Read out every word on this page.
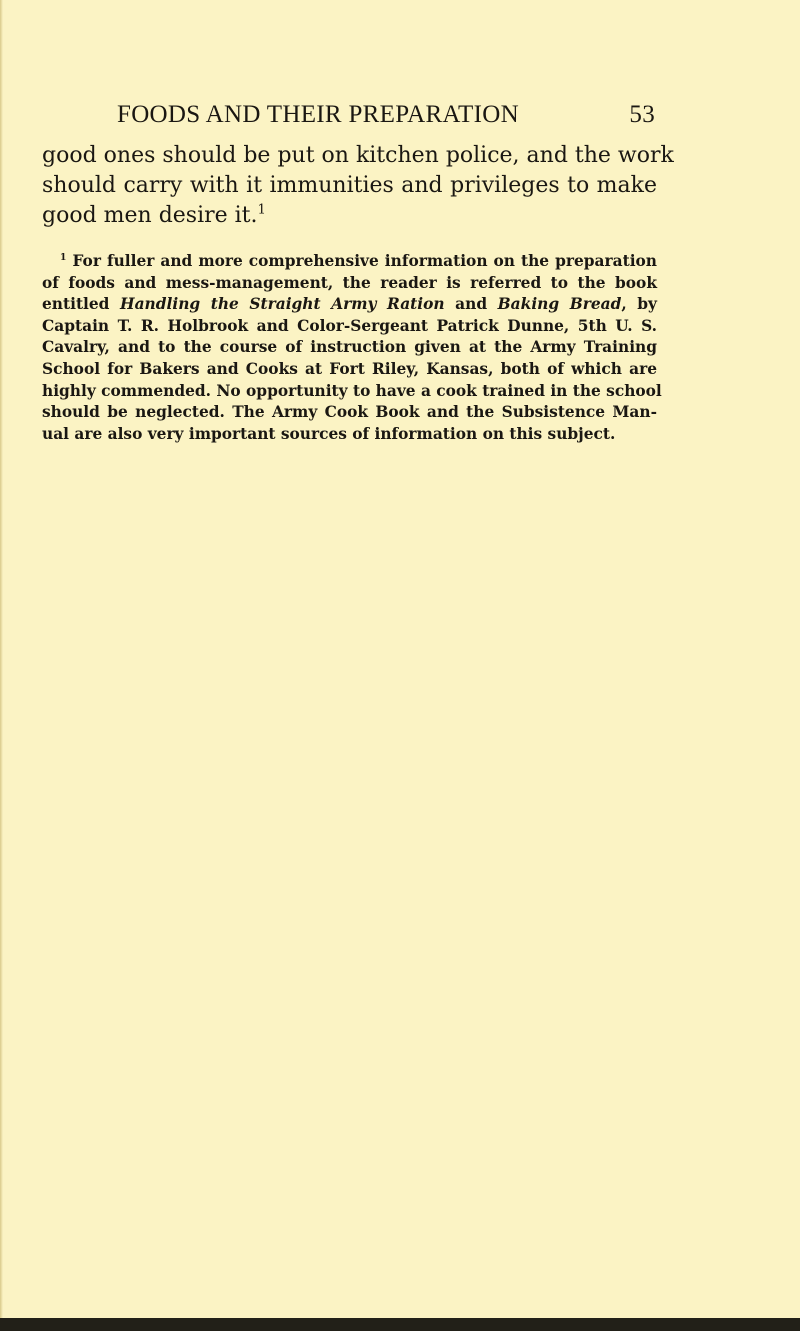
FOODS AND THEIR PREPARATION	53
good ones should be put on kitchen police, and the work
should carry with it immunities and privileges to make
good men desire it.$^1$
$^1$ For fuller and more comprehensive information on the preparation
of foods and mess-management, the reader is referred to the book
entitled Handling the Straight Army Ration and Baking Bread, by
Captain T. R. Holbrook and Color-Sergeant Patrick Dunne, 5th U. S.
Cavalry, and to the course of instruction given at the Army Training
School for Bakers and Cooks at Fort Riley, Kansas, both of which are
highly commended. No opportunity to have a cook trained in the school
should be neglected. The Army Cook Book and the Subsistence Man-
ual are also very important sources of information on this subject.
